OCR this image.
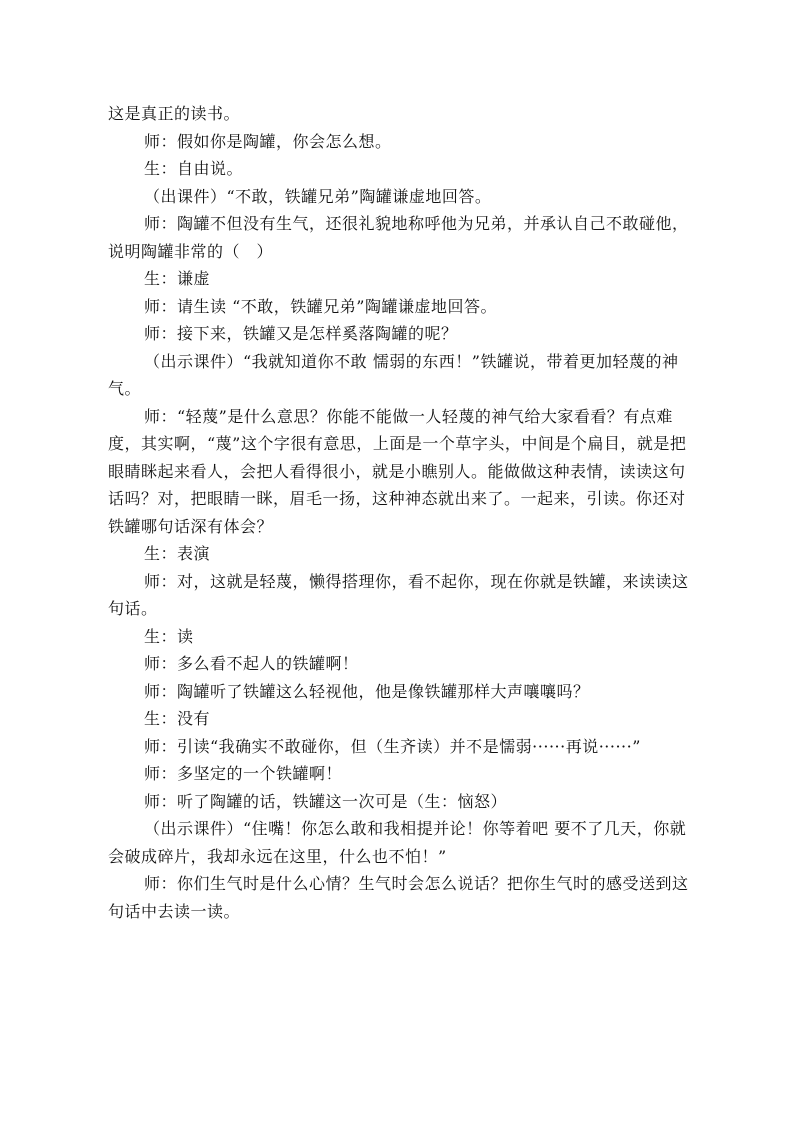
这是真正的读书。

师：假如你是陶罐，你会怎么想。

生：自由说。

（出课件）“不敢，铁罐兄弟”陶罐谦虚地回答。

师：陶罐不但没有生气，还很礼貌地称呼他为兄弟，并承认自己不敢碰他，说明陶罐非常的（　）

生：谦虚

师：请生读 “不敢，铁罐兄弟”陶罐谦虚地回答。

师：接下来，铁罐又是怎样奚落陶罐的呢？

（出示课件）“我就知道你不敢 懦弱的东西！”铁罐说，带着更加轻蔑的神气。

师：“轻蔑”是什么意思？你能不能做一人轻蔑的神气给大家看看？有点难度，其实啊，“蔑”这个字很有意思，上面是一个草字头，中间是个扁目，就是把眼睛眯起来看人，会把人看得很小，就是小瞧别人。能做做这种表情，读读这句话吗？对，把眼睛一眯，眉毛一扬，这种神态就出来了。一起来，引读。你还对铁罐哪句话深有体会？

生：表演

师：对，这就是轻蔑，懒得搭理你，看不起你，现在你就是铁罐，来读读这句话。

生：读

师：多么看不起人的铁罐啊！

师：陶罐听了铁罐这么轻视他，他是像铁罐那样大声嚷嚷吗？

生：没有

师：引读“我确实不敢碰你，但（生齐读）并不是懦弱······再说······”

师：多坚定的一个铁罐啊！

师：听了陶罐的话，铁罐这一次可是（生：恼怒）

（出示课件）“住嘴！你怎么敢和我相提并论！你等着吧 要不了几天，你就会破成碎片，我却永远在这里，什么也不怕！”

师：你们生气时是什么心情？生气时会怎么说话？把你生气时的感受送到这句话中去读一读。
